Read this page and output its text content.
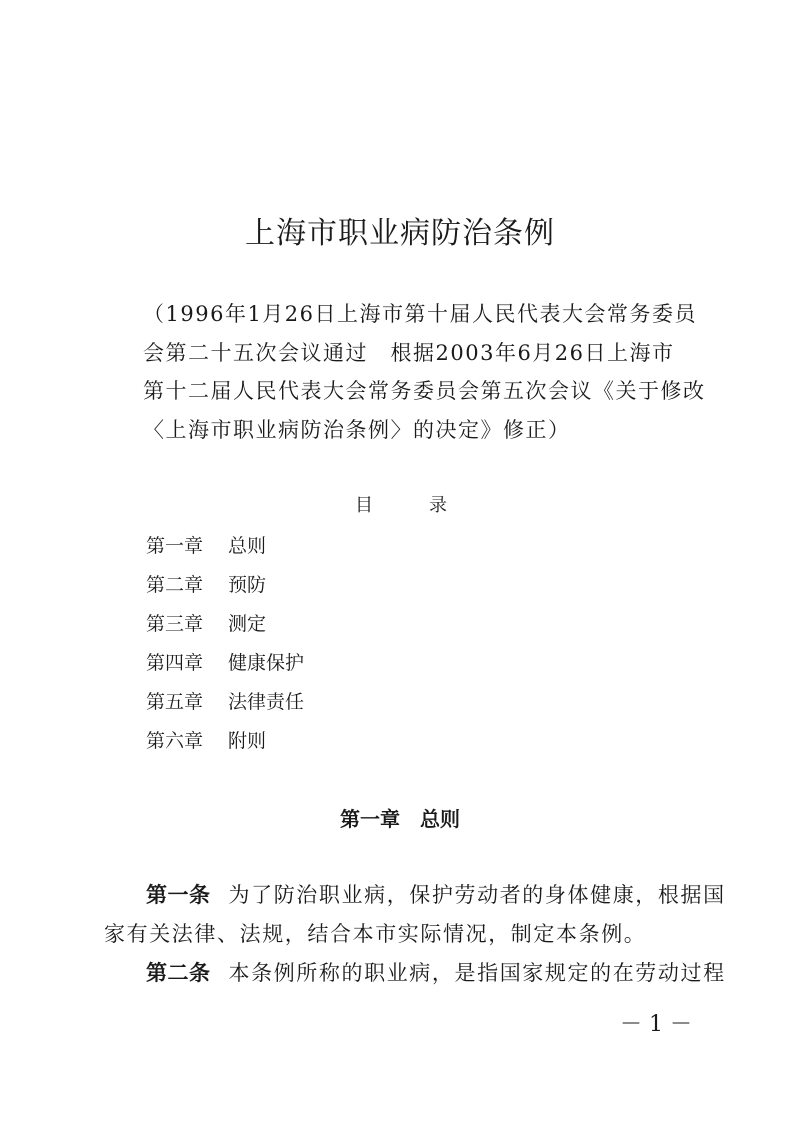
上海市职业病防治条例
（1996年1月26日上海市第十届人民代表大会常务委员
会第二十五次会议通过　根据2003年6月26日上海市
第十二届人民代表大会常务委员会第五次会议《关于修改
〈上海市职业病防治条例〉的决定》修正）
目	录
第一章 总则
第二章 预防
第三章 测定
第四章 健康保护
第五章 法律责任
第六章 附则
第一章 总则
第一条 为了防治职业病，保护劳动者的身体健康，根据国
家有关法律、法规，结合本市实际情况，制定本条例。
第二条 本条例所称的职业病，是指国家规定的在劳动过程
－ 1 －
